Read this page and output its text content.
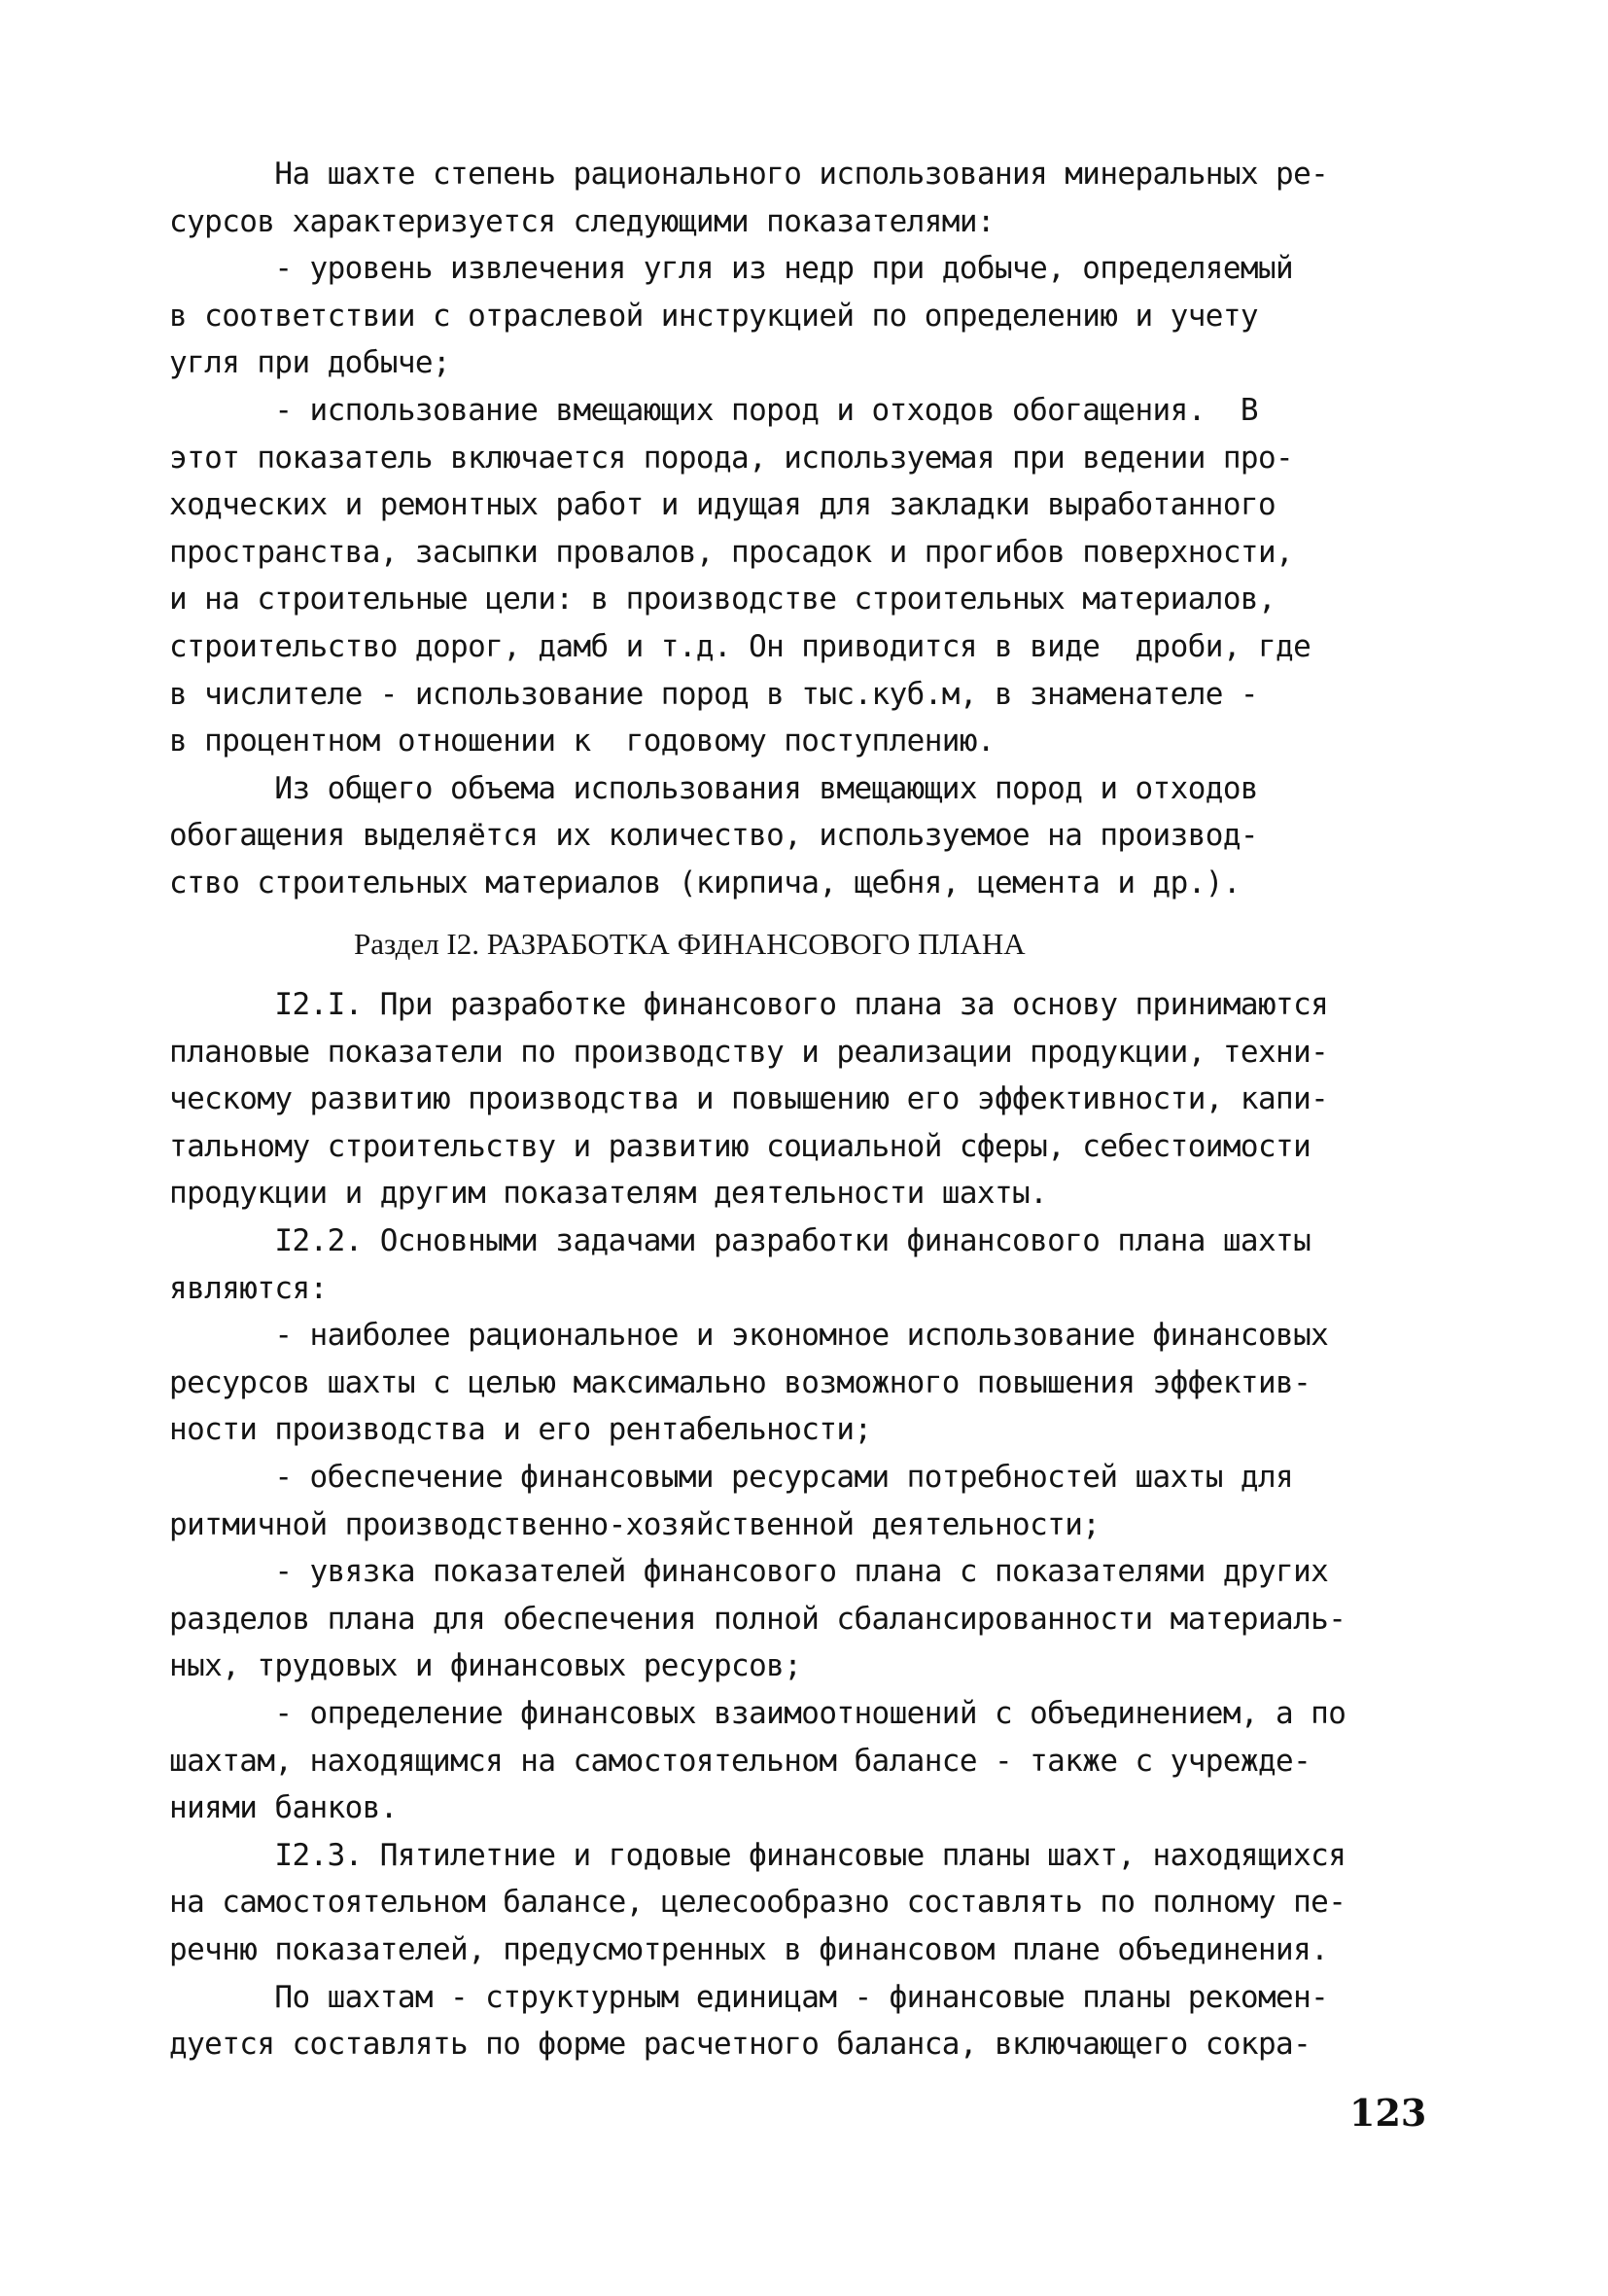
На шахте степень рационального использования минеральных ре-
сурсов характеризуется следующими показателями:
- уровень извлечения угля из недр при добыче, определяемый
в соответствии с отраслевой инструкцией по определению и учету
угля при добыче;
- использование вмещающих пород и отходов обогащения.  В
этот показатель включается порода, используемая при ведении про-
ходческих и ремонтных работ и идущая для закладки выработанного
пространства, засыпки провалов, просадок и прогибов поверхности,
и на строительные цели: в производстве строительных материалов,
строительство дорог, дамб и т.д. Он приводится в виде  дроби, где
в числителе - использование пород в тыс.куб.м, в знаменателе -
в процентном отношении к  годовому поступлению.
Из общего объема использования вмещающих пород и отходов
обогащения выделяётся их количество, используемое на производ-
ство строительных материалов (кирпича, щебня, цемента и др.).
Раздел I2. РАЗРАБОТКА ФИНАНСОВОГО ПЛАНА
I2.I. При разработке финансового плана за основу принимаются
плановые показатели по производству и реализации продукции, техни-
ческому развитию производства и повышению его эффективности, капи-
тальному строительству и развитию социальной сферы, себестоимости
продукции и другим показателям деятельности шахты.
I2.2. Основными задачами разработки финансового плана шахты
являются:
- наиболее рациональное и экономное использование финансовых
ресурсов шахты с целью максимально возможного повышения эффектив-
ности производства и его рентабельности;
- обеспечение финансовыми ресурсами потребностей шахты для
ритмичной производственно-хозяйственной деятельности;
- увязка показателей финансового плана с показателями других
разделов плана для обеспечения полной сбалансированности материаль-
ных, трудовых и финансовых ресурсов;
- определение финансовых взаимоотношений с объединением, а по
шахтам, находящимся на самостоятельном балансе - также с учрежде-
ниями банков.
I2.3. Пятилетние и годовые финансовые планы шахт, находящихся
на самостоятельном балансе, целесообразно составлять по полному пе-
речню показателей, предусмотренных в финансовом плане объединения.
По шахтам - структурным единицам - финансовые планы рекомен-
дуется составлять по форме расчетного баланса, включающего сокра-
123
